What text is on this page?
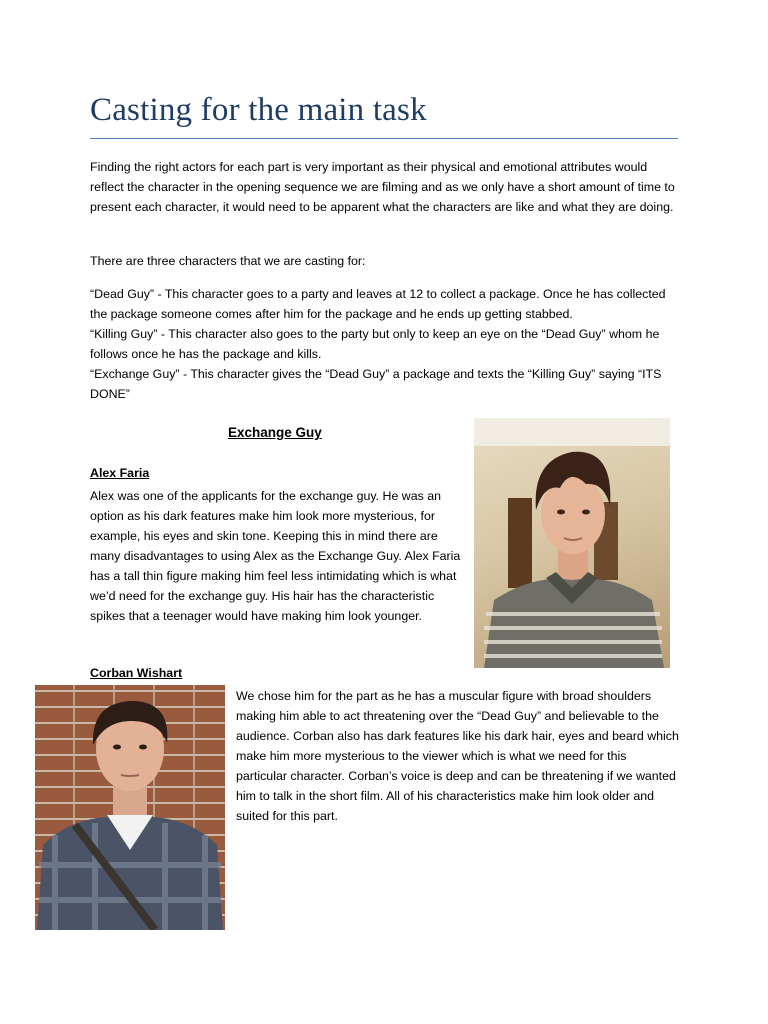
Casting for the main task

Finding the right actors for each part is very important as their physical and emotional attributes would reflect the character in the opening sequence we are filming and as we only have a short amount of time to present each character, it would need to be apparent what the characters are like and what they are doing.

There are three characters that we are casting for:

“Dead Guy” - This character goes to a party and leaves at 12 to collect a package. Once he has collected the package someone comes after him for the package and he ends up getting stabbed.
“Killing Guy” - This character also goes to the party but only to keep an eye on the “Dead Guy” whom he follows once he has the package and kills.
“Exchange Guy” - This character gives the “Dead Guy” a package and texts the “Killing Guy” saying “ITS DONE”

Exchange Guy
Alex Faria

Alex was one of the applicants for the exchange guy. He was an option as his dark features make him look more mysterious, for example, his eyes and skin tone. Keeping this in mind there are many disadvantages to using Alex as the Exchange Guy. Alex Faria has a tall thin figure making him feel less intimidating which is what we’d need for the exchange guy. His hair has the characteristic spikes that a teenager would have making him look younger.

Corban Wishart

We chose him for the part as he has a muscular figure with broad shoulders making him able to act threatening over the “Dead Guy” and believable to the audience. Corban also has dark features like his dark hair, eyes and beard which make him more mysterious to the viewer which is what we need for this particular character. Corban’s voice is deep and can be threatening if we wanted him to talk in the short film. All of his characteristics make him look older and suited for this part.
